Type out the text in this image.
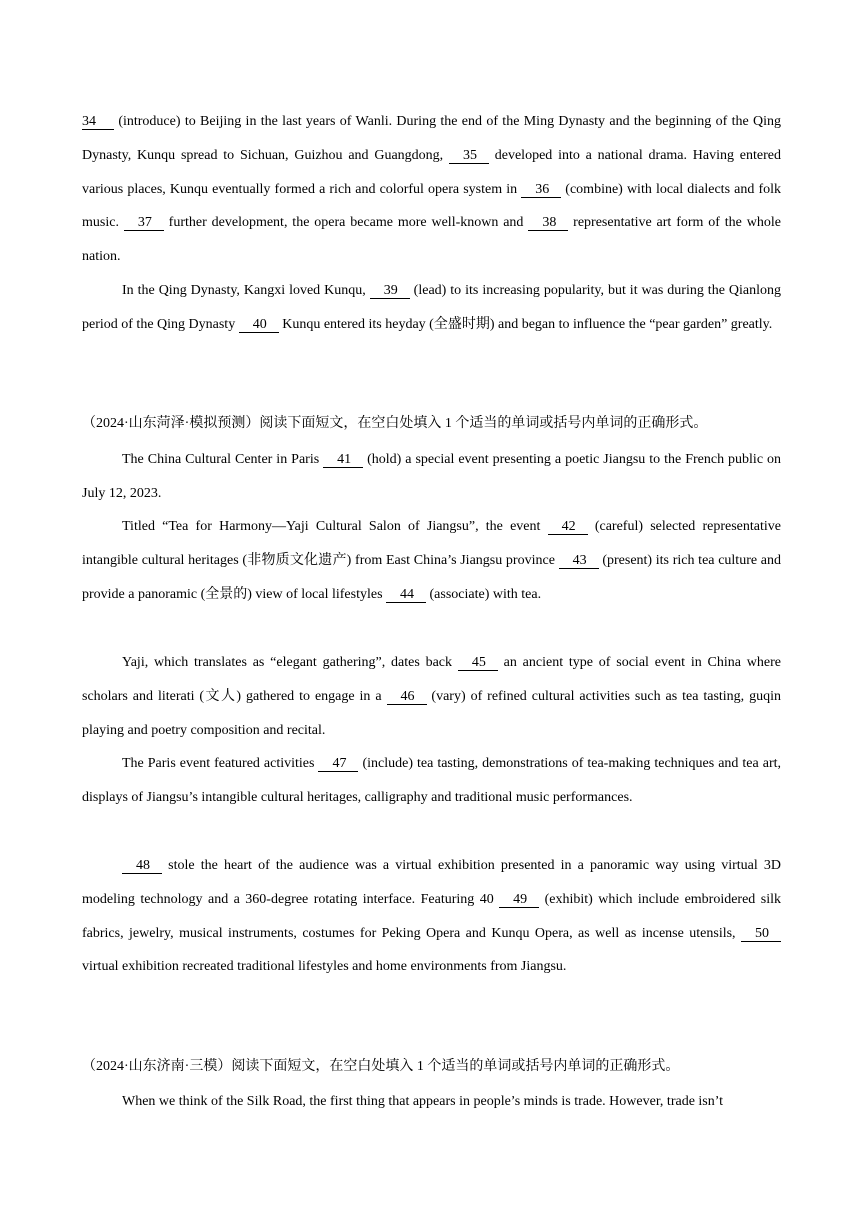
34 (introduce) to Beijing in the last years of Wanli. During the end of the Ming Dynasty and the beginning of the Qing Dynasty, Kunqu spread to Sichuan, Guizhou and Guangdong, 35 developed into a national drama. Having entered various places, Kunqu eventually formed a rich and colorful opera system in 36 (combine) with local dialects and folk music. 37 further development, the opera became more well-known and 38 representative art form of the whole nation.

In the Qing Dynasty, Kangxi loved Kunqu, 39 (lead) to its increasing popularity, but it was during the Qianlong period of the Qing Dynasty 40 Kunqu entered its heyday (全盛时期) and began to influence the “pear garden” greatly.

（2024·山东菏泽·模拟预测）阅读下面短文，在空白处填入 1 个适当的单词或括号内单词的正确形式。

The China Cultural Center in Paris 41 (hold) a special event presenting a poetic Jiangsu to the French public on July 12, 2023.

Titled “Tea for Harmony—Yaji Cultural Salon of Jiangsu”, the event 42 (careful) selected representative intangible cultural heritages (非物质文化遗产) from East China’s Jiangsu province 43 (present) its rich tea culture and provide a panoramic (全景的) view of local lifestyles 44 (associate) with tea.

Yaji, which translates as “elegant gathering”, dates back 45 an ancient type of social event in China where scholars and literati (文人) gathered to engage in a 46 (vary) of refined cultural activities such as tea tasting, guqin playing and poetry composition and recital.

The Paris event featured activities 47 (include) tea tasting, demonstrations of tea-making techniques and tea art, displays of Jiangsu’s intangible cultural heritages, calligraphy and traditional music performances.

48 stole the heart of the audience was a virtual exhibition presented in a panoramic way using virtual 3D modeling technology and a 360-degree rotating interface. Featuring 40 49 (exhibit) which include embroidered silk fabrics, jewelry, musical instruments, costumes for Peking Opera and Kunqu Opera, as well as incense utensils, 50 virtual exhibition recreated traditional lifestyles and home environments from Jiangsu.

（2024·山东济南·三模）阅读下面短文，在空白处填入 1 个适当的单词或括号内单词的正确形式。

When we think of the Silk Road, the first thing that appears in people’s minds is trade. However, trade isn’t
